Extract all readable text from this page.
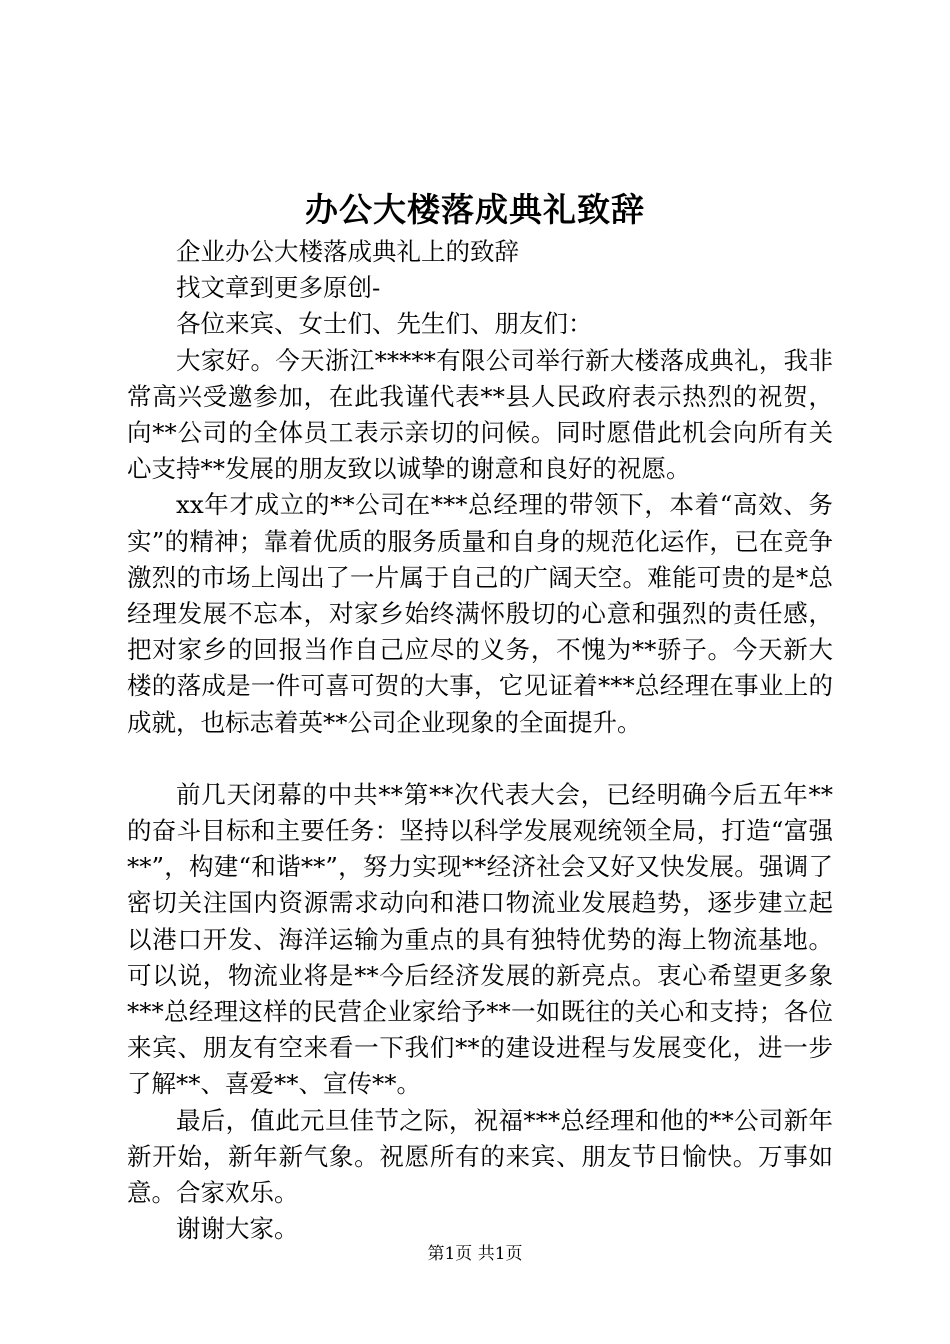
办公大楼落成典礼致辞

企业办公大楼落成典礼上的致辞

找文章到更多原创-

各位来宾、女士们、先生们、朋友们：

大家好。今天浙江*****有限公司举行新大楼落成典礼，我非常高兴受邀参加，在此我谨代表**县人民政府表示热烈的祝贺，向**公司的全体员工表示亲切的问候。同时愿借此机会向所有关心支持**发展的朋友致以诚挚的谢意和良好的祝愿。

xx年才成立的**公司在***总经理的带领下，本着“高效、务实”的精神；靠着优质的服务质量和自身的规范化运作，已在竞争激烈的市场上闯出了一片属于自己的广阔天空。难能可贵的是*总经理发展不忘本，对家乡始终满怀殷切的心意和强烈的责任感，把对家乡的回报当作自己应尽的义务，不愧为**骄子。今天新大楼的落成是一件可喜可贺的大事，它见证着***总经理在事业上的成就，也标志着英**公司企业现象的全面提升。

前几天闭幕的中共**第**次代表大会，已经明确今后五年**的奋斗目标和主要任务：坚持以科学发展观统领全局，打造“富强**”，构建“和谐**”，努力实现**经济社会又好又快发展。强调了密切关注国内资源需求动向和港口物流业发展趋势，逐步建立起以港口开发、海洋运输为重点的具有独特优势的海上物流基地。可以说，物流业将是**今后经济发展的新亮点。衷心希望更多象***总经理这样的民营企业家给予**一如既往的关心和支持；各位来宾、朋友有空来看一下我们**的建设进程与发展变化，进一步了解**、喜爱**、宣传**。

最后，值此元旦佳节之际，祝福***总经理和他的**公司新年新开始，新年新气象。祝愿所有的来宾、朋友节日愉快。万事如意。合家欢乐。

谢谢大家。

第1页 共1页
